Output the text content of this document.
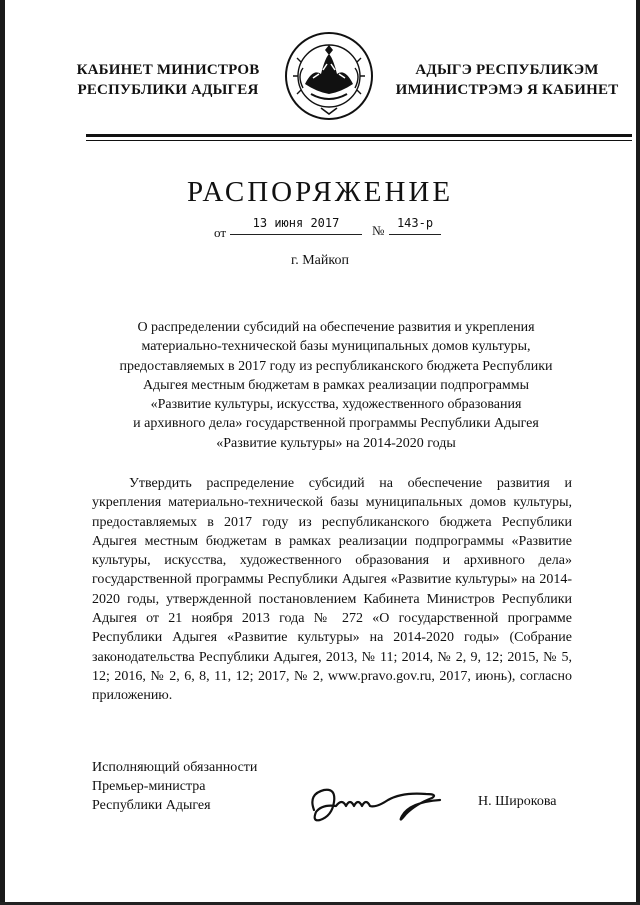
КАБИНЕТ МИНИСТРОВ
РЕСПУБЛИКИ АДЫГЕЯ
АДЫГЭ РЕСПУБЛИКЭМ
ИМИНИСТРЭМЭ Я КАБИНЕТ
РАСПОРЯЖЕНИЕ
от
13 июня 2017	№	143-р
г. Майкоп
О распределении субсидий на обеспечение развития и укрепления
материально-технической базы муниципальных домов культуры,
предоставляемых в 2017 году из республиканского бюджета Республики
Адыгея местным бюджетам в рамках реализации подпрограммы
«Развитие культуры, искусства, художественного образования
и архивного дела» государственной программы Республики Адыгея
«Развитие культуры» на 2014-2020 годы

Утвердить распределение субсидий на обеспечение развития и укрепления материально-технической базы муниципальных домов культуры, предоставляемых в 2017 году из республиканского бюджета Республики Адыгея местным бюджетам в рамках реализации подпрограммы «Развитие культуры, искусства, художественного образования и архивного дела» государственной программы Республики Адыгея «Развитие культуры» на 2014-2020 годы, утвержденной постановлением Кабинета Министров Республики Адыгея от 21 ноября 2013 года № 272 «О государственной программе Республики Адыгея «Развитие культуры» на 2014-2020 годы» (Собрание законодательства Республики Адыгея, 2013, № 11; 2014, № 2, 9, 12; 2015, № 5, 12; 2016, № 2, 6, 8, 11, 12; 2017, № 2, www.pravo.gov.ru, 2017, июнь), согласно приложению.

Исполняющий обязанности
Премьер-министра
Республики Адыгея	Н. Широкова
